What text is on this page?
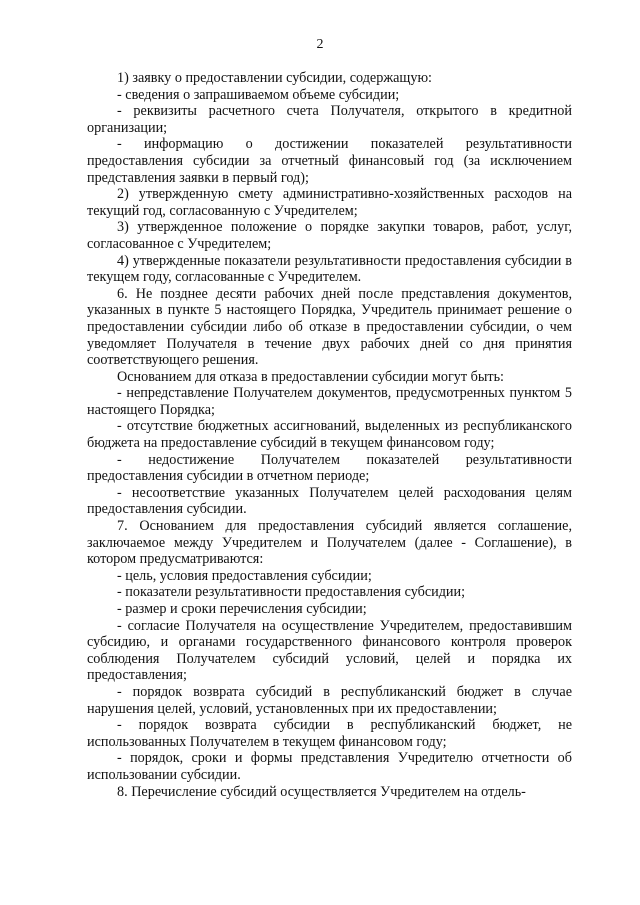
2

1) заявку о предоставлении субсидии, содержащую:

- сведения о запрашиваемом объеме субсидии;

- реквизиты расчетного счета Получателя, открытого в кредитной организации;

- информацию о достижении показателей результативности предоставления субсидии за отчетный финансовый год (за исключением представления заявки в первый год);

2) утвержденную смету административно-хозяйственных расходов на текущий год, согласованную с Учредителем;

3) утвержденное положение о порядке закупки товаров, работ, услуг, согласованное с Учредителем;

4) утвержденные показатели результативности предоставления субсидии в текущем году, согласованные с Учредителем.

6. Не позднее десяти рабочих дней после представления документов, указанных в пункте 5 настоящего Порядка, Учредитель принимает решение о предоставлении субсидии либо об отказе в предоставлении субсидии, о чем уведомляет Получателя в течение двух рабочих дней со дня принятия соответствующего решения.

Основанием для отказа в предоставлении субсидии могут быть:

- непредставление Получателем документов, предусмотренных пунктом 5 настоящего Порядка;

- отсутствие бюджетных ассигнований, выделенных из республиканского бюджета на предоставление субсидий в текущем финансовом году;

- недостижение Получателем показателей результативности предоставления субсидии в отчетном периоде;

- несоответствие указанных Получателем целей расходования целям предоставления субсидии.

7. Основанием для предоставления субсидий является соглашение, заключаемое между Учредителем и Получателем (далее - Соглашение), в котором предусматриваются:

- цель, условия предоставления субсидии;

- показатели результативности предоставления субсидии;

- размер и сроки перечисления субсидии;

- согласие Получателя на осуществление Учредителем, предоставившим субсидию, и органами государственного финансового контроля проверок соблюдения Получателем субсидий условий, целей и порядка их предоставления;

- порядок возврата субсидий в республиканский бюджет в случае нарушения целей, условий, установленных при их предоставлении;

- порядок возврата субсидии в республиканский бюджет, не использованных Получателем в текущем финансовом году;

- порядок, сроки и формы представления Учредителю отчетности об использовании субсидии.

8. Перечисление субсидий осуществляется Учредителем на отдель-
